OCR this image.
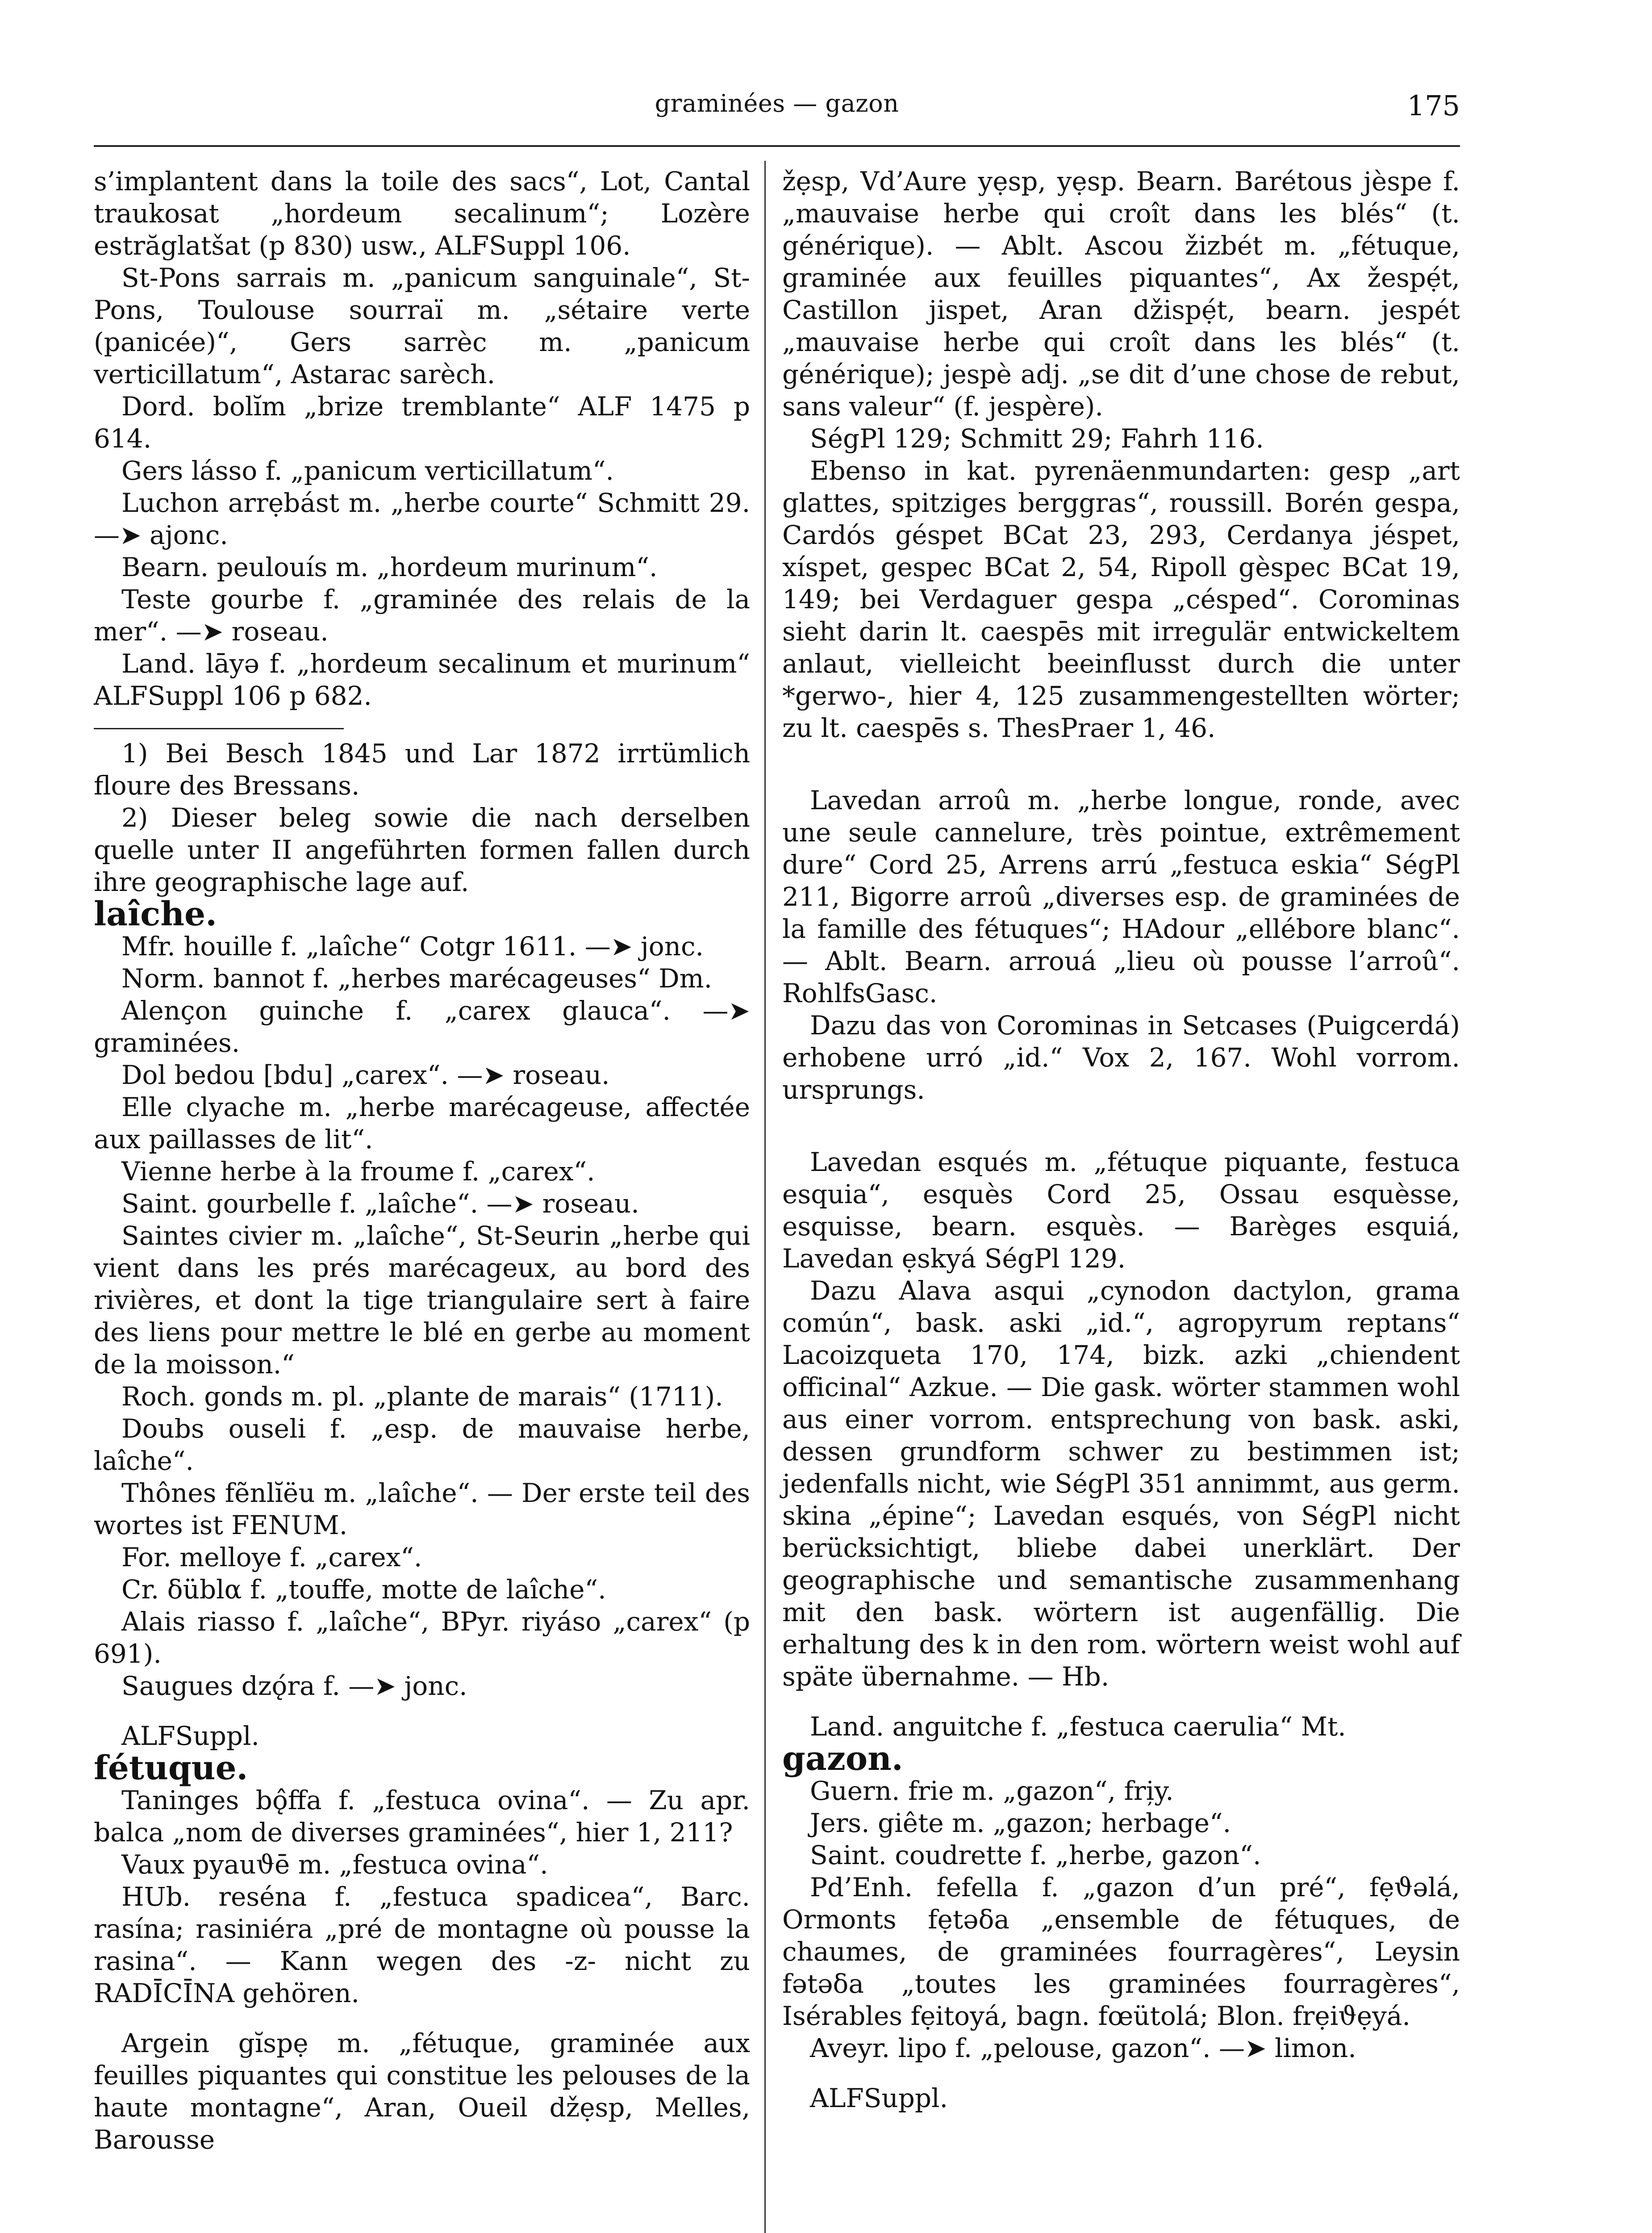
graminées — gazon	175

s’implantent dans la toile des sacs“, Lot, Cantal traukosat „hordeum secalinum“; Lozère estrăglatšat (p 830) usw., ALFSuppl 106.

St-Pons sarrais m. „panicum sanguinale“, St-Pons, Toulouse sourraï m. „sétaire verte (panicée)“, Gers sarrèc m. „panicum verticillatum“, Astarac sarèch.

Dord. bolĭm „brize tremblante“ ALF 1475 p 614.

Gers lásso f. „panicum verticillatum“.

Luchon arrẹbást m. „herbe courte“ Schmitt 29. —➤ ajonc.

Bearn. peulouís m. „hordeum murinum“.

Teste gourbe f. „graminée des relais de la mer“. —➤ roseau.

Land. lāyə f. „hordeum secalinum et murinum“ ALFSuppl 106 p 682.

1) Bei Besch 1845 und Lar 1872 irrtümlich floure des Bressans.

2) Dieser beleg sowie die nach derselben quelle unter II angeführten formen fallen durch ihre geographische lage auf.

laîche.

Mfr. houille f. „laîche“ Cotgr 1611. —➤ jonc.

Norm. bannot f. „herbes marécageuses“ Dm.

Alençon guinche f. „carex glauca“. —➤ graminées.

Dol bedou [bdu] „carex“. —➤ roseau.

Elle clyache m. „herbe marécageuse, affectée aux paillasses de lit“.

Vienne herbe à la froume f. „carex“.

Saint. gourbelle f. „laîche“. —➤ roseau.

Saintes civier m. „laîche“, St-Seurin „herbe qui vient dans les prés marécageux, au bord des rivières, et dont la tige triangulaire sert à faire des liens pour mettre le blé en gerbe au moment de la moisson.“

Roch. gonds m. pl. „plante de marais“ (1711).

Doubs ouseli f. „esp. de mauvaise herbe, laîche“.

Thônes fẽnlĭëu m. „laîche“. — Der erste teil des wortes ist FENUM.

For. melloye f. „carex“.

Cr. δüblα f. „touffe, motte de laîche“.

Alais riasso f. „laîche“, BPyr. riyáso „carex“ (p 691).

Saugues dzǫ́ra f. —➤ jonc.

ALFSuppl.

fétuque.

Taninges bǫ̂ffa f. „festuca ovina“. — Zu apr. balca „nom de diverses graminées“, hier 1, 211?

Vaux pyauϑē m. „festuca ovina“.

HUb. reséna f. „festuca spadicea“, Barc. rasína; rasiniéra „pré de montagne où pousse la rasina“. — Kann wegen des -z- nicht zu RADĪCĪNA gehören.

Argein gĭspẹ m. „fétuque, graminée aux feuilles piquantes qui constitue les pelouses de la haute montagne“, Aran, Oueil džẹsp, Melles, Barousse

žẹsp, Vd’Aure yẹsp, yẹsp. Bearn. Barétous jèspe f. „mauvaise herbe qui croît dans les blés“ (t. générique). — Ablt. Ascou žizbét m. „fétuque, graminée aux feuilles piquantes“, Ax žespẹ́t, Castillon jispet, Aran džispẹ́t, bearn. jespét „mauvaise herbe qui croît dans les blés“ (t. générique); jespè adj. „se dit d’une chose de rebut, sans valeur“ (f. jespère).

SégPl 129; Schmitt 29; Fahrh 116.

Ebenso in kat. pyrenäenmundarten: gesp „art glattes, spitziges berggras“, roussill. Borén gespa, Cardós géspet BCat 23, 293, Cerdanya jéspet, xíspet, gespec BCat 2, 54, Ripoll gèspec BCat 19, 149; bei Verdaguer gespa „césped“. Corominas sieht darin lt. caespēs mit irregulär entwickeltem anlaut, vielleicht beeinflusst durch die unter *gerwo-, hier 4, 125 zusammengestellten wörter; zu lt. caespēs s. ThesPraer 1, 46.

Lavedan arroû m. „herbe longue, ronde, avec une seule cannelure, très pointue, extrêmement dure“ Cord 25, Arrens arrú „festuca eskia“ SégPl 211, Bigorre arroû „diverses esp. de graminées de la famille des fétuques“; HAdour „ellébore blanc“. — Ablt. Bearn. arrouá „lieu où pousse l’arroû“. RohlfsGasc.

Dazu das von Corominas in Setcases (Puigcerdá) erhobene urró „id.“ Vox 2, 167. Wohl vorrom. ursprungs.

Lavedan esqués m. „fétuque piquante, festuca esquia“, esquès Cord 25, Ossau esquèsse, esquisse, bearn. esquès. — Barèges esquiá, Lavedan ẹskyá SégPl 129.

Dazu Alava asqui „cynodon dactylon, grama común“, bask. aski „id.“, agropyrum reptans“ Lacoizqueta 170, 174, bizk. azki „chiendent officinal“ Azkue. — Die gask. wörter stammen wohl aus einer vorrom. entsprechung von bask. aski, dessen grundform schwer zu bestimmen ist; jedenfalls nicht, wie SégPl 351 annimmt, aus germ. skina „épine“; Lavedan esqués, von SégPl nicht berücksichtigt, bliebe dabei unerklärt. Der geographische und semantische zusammenhang mit den bask. wörtern ist augenfällig. Die erhaltung des k in den rom. wörtern weist wohl auf späte übernahme. — Hb.

Land. anguitche f. „festuca caerulia“ Mt.

gazon.

Guern. frie m. „gazon“, fri̦y.

Jers. giête m. „gazon; herbage“.

Saint. coudrette f. „herbe, gazon“.

Pd’Enh. fefella f. „gazon d’un pré“, fẹϑəlá, Ormonts fẹtəδa „ensemble de fétuques, de chaumes, de graminées fourragères“, Leysin fətəδa „toutes les graminées fourragères“, Isérables fẹitoyá, bagn. fœütolá; Blon. frẹiϑẹyá.

Aveyr. lipo f. „pelouse, gazon“. —➤ limon.

ALFSuppl.
